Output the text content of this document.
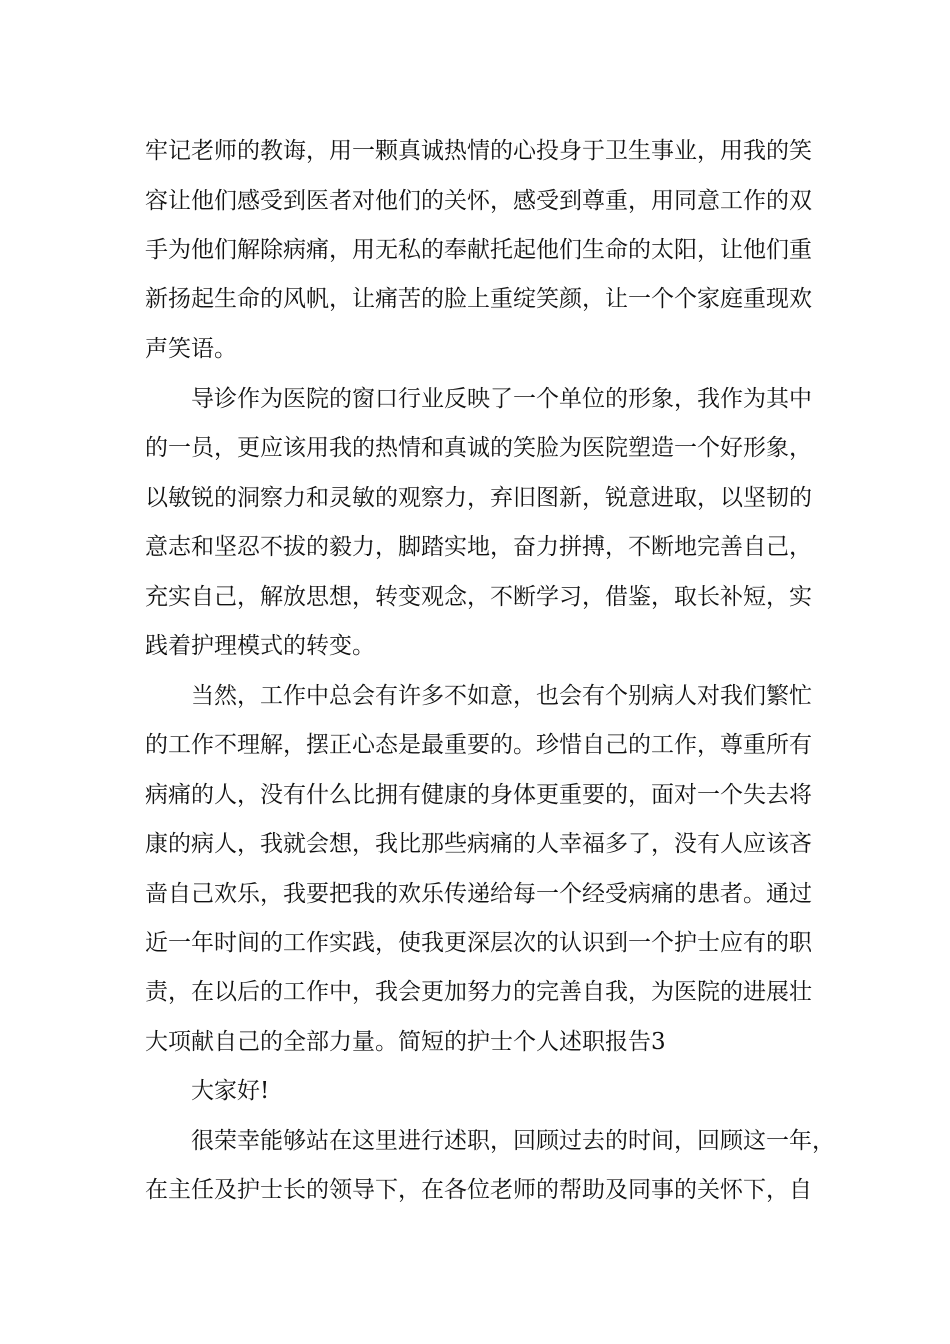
牢记老师的教诲，用一颗真诚热情的心投身于卫生事业，用我的笑
容让他们感受到医者对他们的关怀，感受到尊重，用同意工作的双
手为他们解除病痛，用无私的奉献托起他们生命的太阳，让他们重
新扬起生命的风帆，让痛苦的脸上重绽笑颜，让一个个家庭重现欢
声笑语。
导诊作为医院的窗口行业反映了一个单位的形象，我作为其中
的一员，更应该用我的热情和真诚的笑脸为医院塑造一个好形象，
以敏锐的洞察力和灵敏的观察力，弃旧图新，锐意进取，以坚韧的
意志和坚忍不拔的毅力，脚踏实地，奋力拼搏，不断地完善自己，
充实自己，解放思想，转变观念，不断学习，借鉴，取长补短，实
践着护理模式的转变。
当然，工作中总会有许多不如意，也会有个别病人对我们繁忙
的工作不理解，摆正心态是最重要的。珍惜自己的工作，尊重所有
病痛的人，没有什么比拥有健康的身体更重要的，面对一个失去将
康的病人，我就会想，我比那些病痛的人幸福多了，没有人应该吝
啬自己欢乐，我要把我的欢乐传递给每一个经受病痛的患者。通过
近一年时间的工作实践，使我更深层次的认识到一个护士应有的职
责，在以后的工作中，我会更加努力的完善自我，为医院的进展壮
大项献自己的全部力量。简短的护士个人述职报告3
大家好!
很荣幸能够站在这里进行述职，回顾过去的时间，回顾这一年，
在主任及护士长的领导下，在各位老师的帮助及同事的关怀下，自
